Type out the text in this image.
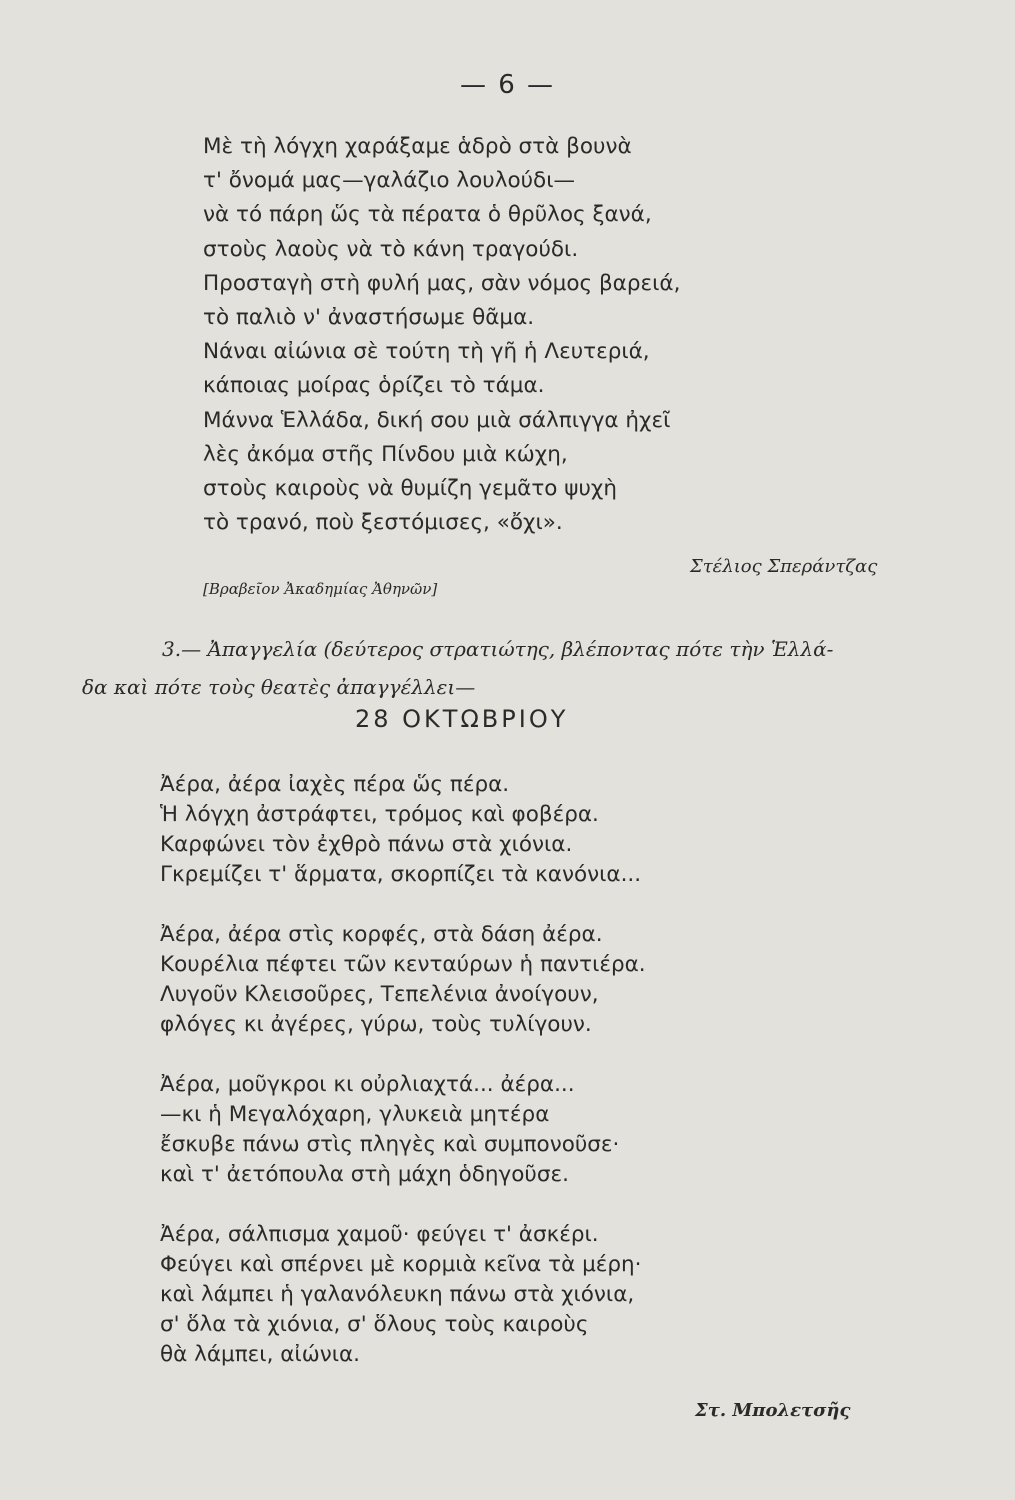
— 6 —
Μὲ τὴ λόγχη χαράξαμε ἁδρὸ στὰ βουνὰ
τ' ὄνομά μας—γαλάζιο λουλούδι—
νὰ τό πάρη ὥς τὰ πέρατα ὁ θρῦλος ξανά,
στοὺς λαοὺς νὰ τὸ κάνη τραγούδι.
Προσταγὴ στὴ φυλή μας, σὰν νόμος βαρειά,
τὸ παλιὸ ν' ἀναστήσωμε θᾶμα.
Νάναι αἰώνια σὲ τούτη τὴ γῆ ἡ Λευτεριά,
κάποιας μοίρας ὁρίζει τὸ τάμα.
Μάννα Ἑλλάδα, δική σου μιὰ σάλπιγγα ἠχεῖ
λὲς ἀκόμα στῆς Πίνδου μιὰ κώχη,
στοὺς καιροὺς νὰ θυμίζη γεμᾶτο ψυχὴ
τὸ τρανό, ποὺ ξεστόμισες, «ὄχι».
Στέλιος Σπεράντζας
[Βραβεῖον Ἀκαδημίας Ἀθηνῶν]
3.— Ἀπαγγελία (δεύτερος στρατιώτης, βλέποντας πότε τὴν Ἑλλά-
δα καὶ πότε τοὺς θεατὲς ἀπαγγέλλει—
28 ΟΚΤΩΒΡΙΟΥ
Ἀέρα, ἀέρα ἰαχὲς πέρα ὥς πέρα.
Ἡ λόγχη ἀστράφτει, τρόμος καὶ φοβέρα.
Καρφώνει τὸν ἐχθρὸ πάνω στὰ χιόνια.
Γκρεμίζει τ' ἅρματα, σκορπίζει τὰ κανόνια...
Ἀέρα, ἀέρα στὶς κορφές, στὰ δάση ἀέρα.
Κουρέλια πέφτει τῶν κενταύρων ἡ παντιέρα.
Λυγοῦν Κλεισοῦρες, Τεπελένια ἀνοίγουν,
φλόγες κι ἀγέρες, γύρω, τοὺς τυλίγουν.
Ἀέρα, μοῦγκροι κι οὐρλιαχτά... ἀέρα...
—κι ἡ Μεγαλόχαρη, γλυκειὰ μητέρα
ἔσκυβε πάνω στὶς πληγὲς καὶ συμπονοῦσε·
καὶ τ' ἀετόπουλα στὴ μάχη ὁδηγοῦσε.
Ἀέρα, σάλπισμα χαμοῦ· φεύγει τ' ἀσκέρι.
Φεύγει καὶ σπέρνει μὲ κορμιὰ κεῖνα τὰ μέρη·
καὶ λάμπει ἡ γαλανόλευκη πάνω στὰ χιόνια,
σ' ὅλα τὰ χιόνια, σ' ὅλους τοὺς καιροὺς
θὰ λάμπει, αἰώνια.
Στ. Μπολετσῆς
